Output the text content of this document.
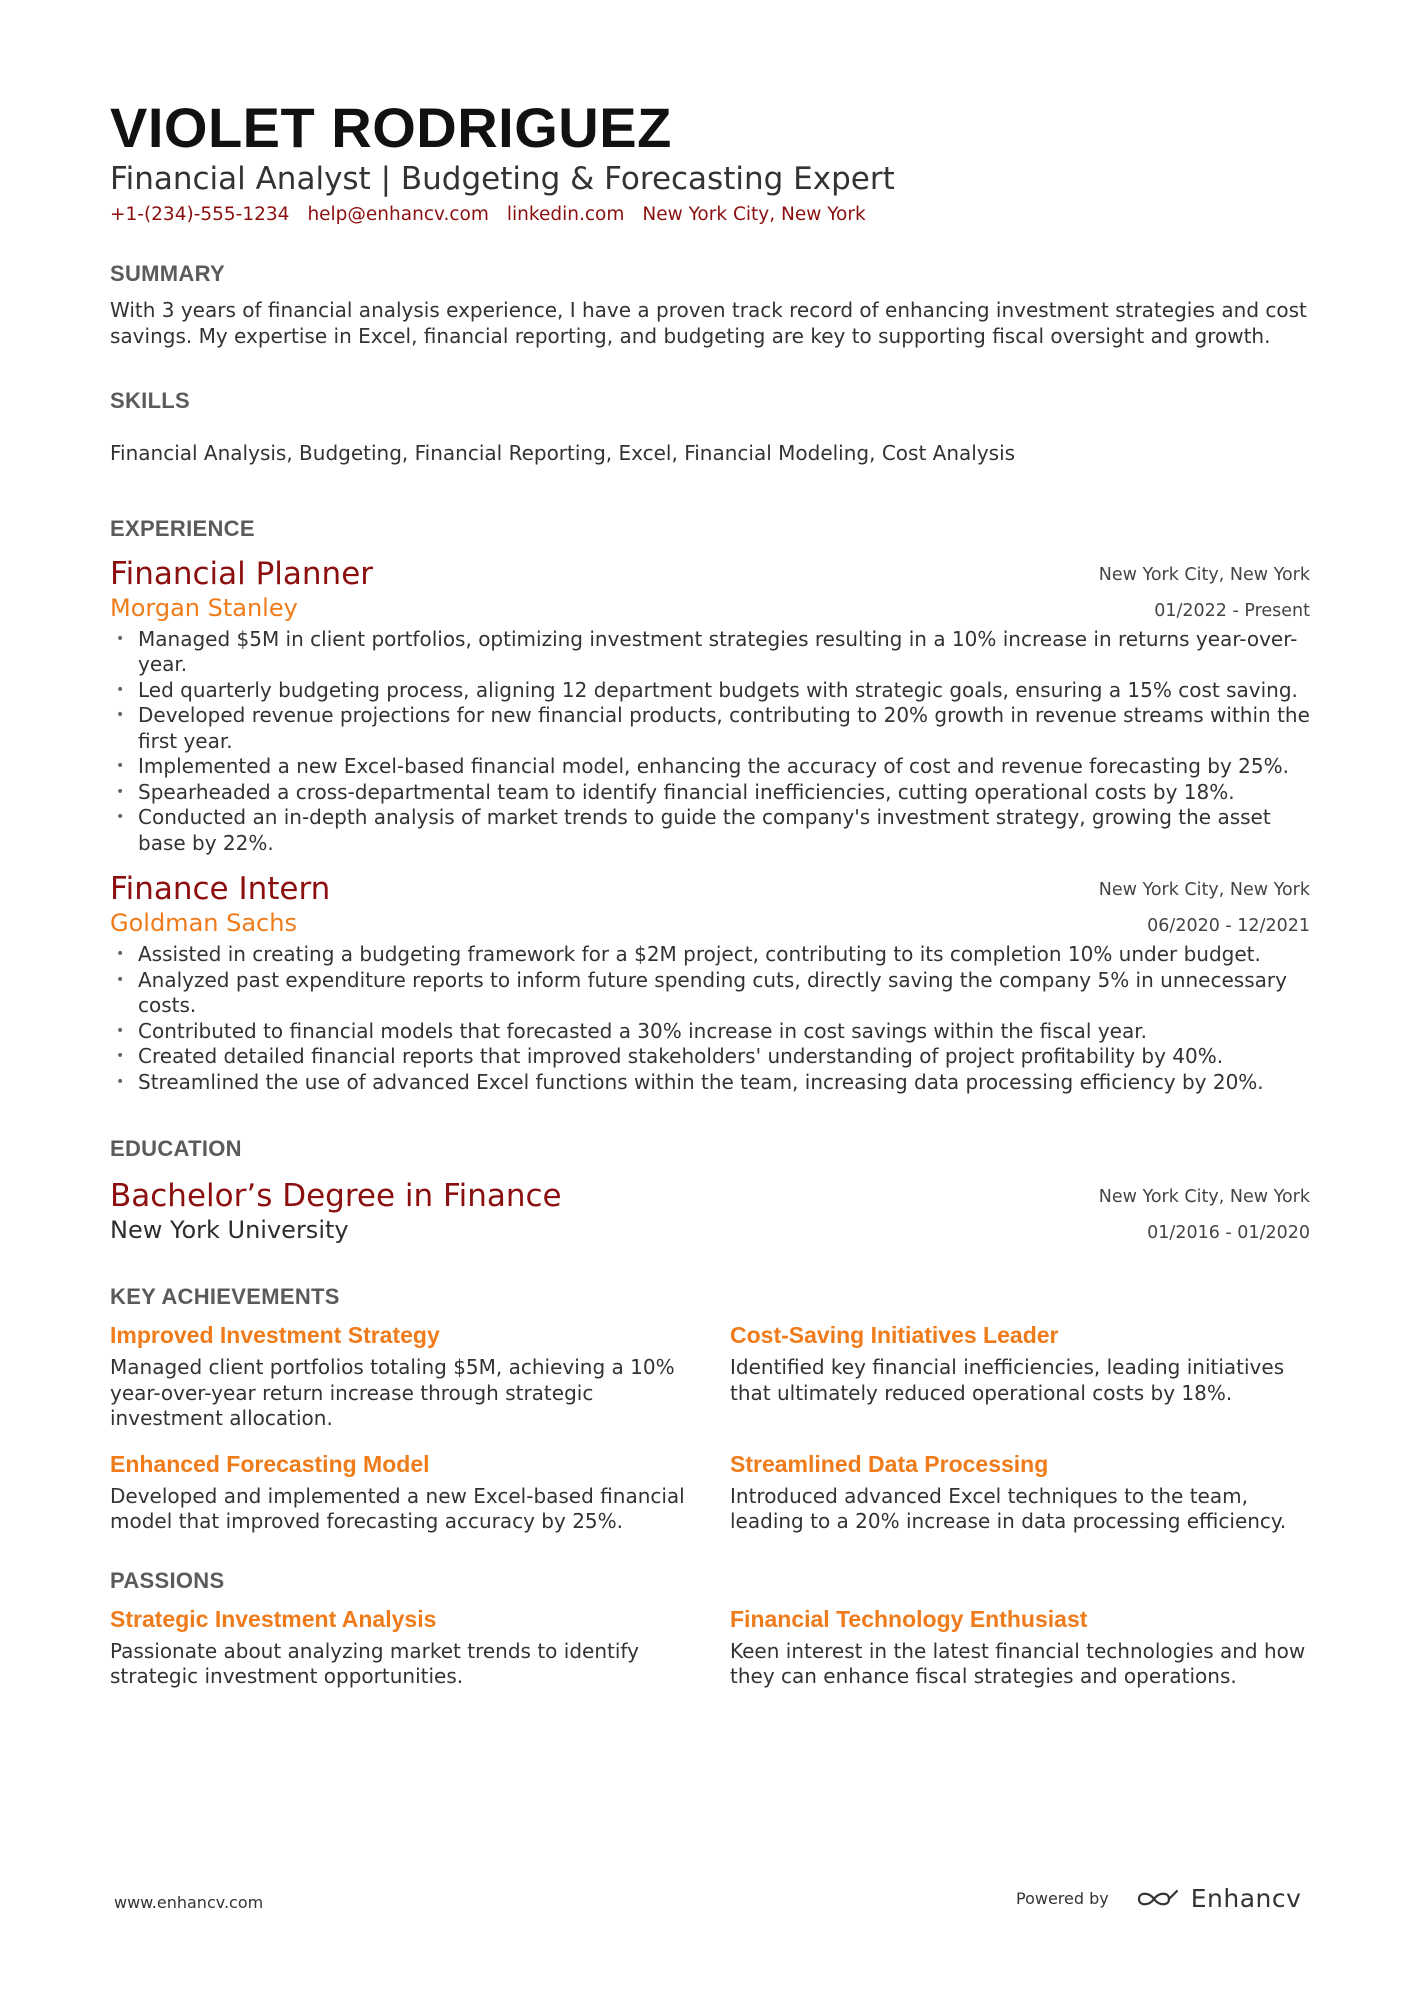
VIOLET RODRIGUEZ
Financial Analyst | Budgeting & Forecasting Expert
+1-(234)-555-1234 help@enhancv.com linkedin.com New York City, New York
SUMMARY
With 3 years of financial analysis experience, I have a proven track record of enhancing investment strategies and cost savings. My expertise in Excel, financial reporting, and budgeting are key to supporting fiscal oversight and growth.
SKILLS
Financial Analysis, Budgeting, Financial Reporting, Excel, Financial Modeling, Cost Analysis
EXPERIENCE
Financial Planner
Morgan Stanley
New York City, New York
01/2022 - Present
• Managed $5M in client portfolios, optimizing investment strategies resulting in a 10% increase in returns year-over-year.
• Led quarterly budgeting process, aligning 12 department budgets with strategic goals, ensuring a 15% cost saving.
• Developed revenue projections for new financial products, contributing to 20% growth in revenue streams within the first year.
• Implemented a new Excel-based financial model, enhancing the accuracy of cost and revenue forecasting by 25%.
• Spearheaded a cross-departmental team to identify financial inefficiencies, cutting operational costs by 18%.
• Conducted an in-depth analysis of market trends to guide the company's investment strategy, growing the asset base by 22%.
Finance Intern
Goldman Sachs
New York City, New York
06/2020 - 12/2021
• Assisted in creating a budgeting framework for a $2M project, contributing to its completion 10% under budget.
• Analyzed past expenditure reports to inform future spending cuts, directly saving the company 5% in unnecessary costs.
• Contributed to financial models that forecasted a 30% increase in cost savings within the fiscal year.
• Created detailed financial reports that improved stakeholders' understanding of project profitability by 40%.
• Streamlined the use of advanced Excel functions within the team, increasing data processing efficiency by 20%.
EDUCATION
Bachelor’s Degree in Finance
New York University
New York City, New York
01/2016 - 01/2020
KEY ACHIEVEMENTS
Improved Investment Strategy
Managed client portfolios totaling $5M, achieving a 10% year-over-year return increase through strategic investment allocation.
Cost-Saving Initiatives Leader
Identified key financial inefficiencies, leading initiatives that ultimately reduced operational costs by 18%.
Enhanced Forecasting Model
Developed and implemented a new Excel-based financial model that improved forecasting accuracy by 25%.
Streamlined Data Processing
Introduced advanced Excel techniques to the team, leading to a 20% increase in data processing efficiency.
PASSIONS
Strategic Investment Analysis
Passionate about analyzing market trends to identify strategic investment opportunities.
Financial Technology Enthusiast
Keen interest in the latest financial technologies and how they can enhance fiscal strategies and operations.
www.enhancv.com	Powered by	Enhancv
